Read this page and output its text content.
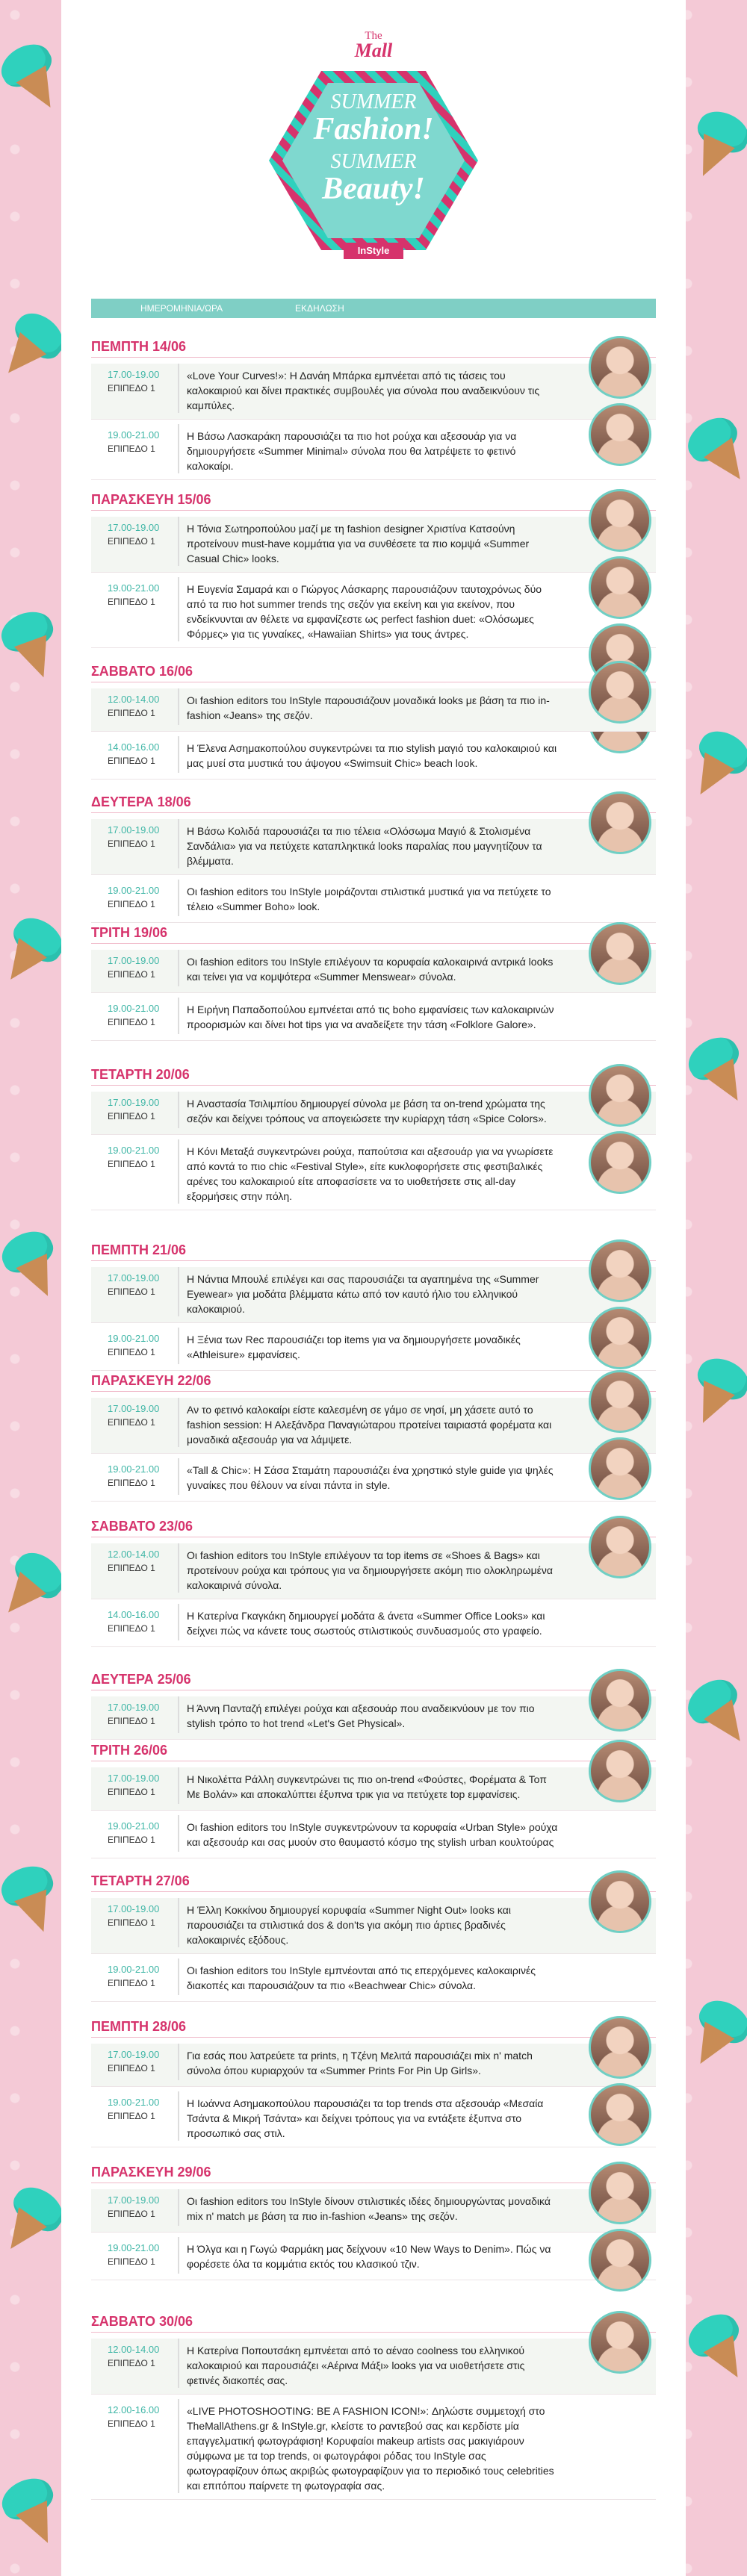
The
Mall
SUMMER
Fashion!
SUMMER
Beauty!
InStyle
ΗΜΕΡΟΜΗΝΙΑ/ΩΡΑ	ΕΚΔΗΛΩΣΗ
ΠΕΜΠΤΗ 14/06
17.00-19.00
ΕΠΙΠΕΔΟ 1
«Love Your Curves!»: Η Δανάη Μπάρκα εμπνέεται από τις τάσεις του καλοκαιριού και δίνει πρακτικές συμβουλές για σύνολα που αναδεικνύουν τις καμπύλες.
19.00-21.00
ΕΠΙΠΕΔΟ 1
Η Βάσω Λασκαράκη παρουσιάζει τα πιο hot ρούχα και αξεσουάρ για να δημιουργήσετε «Summer Minimal» σύνολα που θα λατρέψετε το φετινό καλοκαίρι.
ΠΑΡΑΣΚΕΥΗ 15/06
17.00-19.00
ΕΠΙΠΕΔΟ 1
Η Τόνια Σωτηροπούλου μαζί με τη fashion designer Χριστίνα Κατσούνη προτείνουν must-have κομμάτια για να συνθέσετε τα πιο κομψά «Summer Casual Chic» looks.
19.00-21.00
ΕΠΙΠΕΔΟ 1
Η Ευγενία Σαμαρά και ο Γιώργος Λάσκαρης παρουσιάζουν ταυτοχρόνως δύο από τα πιο hot summer trends της σεζόν για εκείνη και για εκείνον, που ενδείκνυνται αν θέλετε να εμφανίζεστε ως perfect fashion duet: «Ολόσωμες Φόρμες» για τις γυναίκες, «Hawaiian Shirts» για τους άντρες.
ΣΑΒΒΑΤΟ 16/06
12.00-14.00
ΕΠΙΠΕΔΟ 1
Οι fashion editors του InStyle παρουσιάζουν μοναδικά looks με βάση τα πιο in-fashion «Jeans» της σεζόν.
14.00-16.00
ΕΠΙΠΕΔΟ 1
Η Έλενα Ασημακοπούλου συγκεντρώνει τα πιο stylish μαγιό του καλοκαιριού και μας μυεί στα μυστικά του άψογου «Swimsuit Chic» beach look.
ΔΕΥΤΕΡΑ 18/06
17.00-19.00
ΕΠΙΠΕΔΟ 1
Η Βάσω Κολιδά παρουσιάζει τα πιο τέλεια «Ολόσωμα Μαγιό & Στολισμένα Σανδάλια» για να πετύχετε καταπληκτικά looks παραλίας που μαγνητίζουν τα βλέμματα.
19.00-21.00
ΕΠΙΠΕΔΟ 1
Οι fashion editors του InStyle μοιράζονται στιλιστικά μυστικά για να πετύχετε το τέλειο «Summer Boho» look.
ΤΡΙΤΗ 19/06
17.00-19.00
ΕΠΙΠΕΔΟ 1
Οι fashion editors του InStyle επιλέγουν τα κορυφαία καλοκαιρινά αντρικά looks και τείνει για να κομψότερα «Summer Menswear» σύνολα.
19.00-21.00
ΕΠΙΠΕΔΟ 1
Η Ειρήνη Παπαδοπούλου εμπνέεται από τις boho εμφανίσεις των καλοκαιρινών προορισμών και δίνει hot tips για να αναδείξετε την τάση «Folklore Galore».
ΤΕΤΑΡΤΗ 20/06
17.00-19.00
ΕΠΙΠΕΔΟ 1
Η Αναστασία Τσιλιμπίου δημιουργεί σύνολα με βάση τα on-trend χρώματα της σεζόν και δείχνει τρόπους να απογειώσετε την κυρίαρχη τάση «Spice Colors».
19.00-21.00
ΕΠΙΠΕΔΟ 1
Η Κόνι Μεταξά συγκεντρώνει ρούχα, παπούτσια και αξεσουάρ για να γνωρίσετε από κοντά το πιο chic «Festival Style», είτε κυκλοφορήσετε στις φεστιβαλικές αρένες του καλοκαιριού είτε αποφασίσετε να το υιοθετήσετε στις all-day εξορμήσεις στην πόλη.
ΠΕΜΠΤΗ 21/06
17.00-19.00
ΕΠΙΠΕΔΟ 1
Η Νάντια Μπουλέ επιλέγει και σας παρουσιάζει τα αγαπημένα της «Summer Eyewear» για μοδάτα βλέμματα κάτω από τον καυτό ήλιο του ελληνικού καλοκαιριού.
19.00-21.00
ΕΠΙΠΕΔΟ 1
Η Ξένια των Rec παρουσιάζει top items για να δημιουργήσετε μοναδικές «Athleisure» εμφανίσεις.
ΠΑΡΑΣΚΕΥΗ 22/06
17.00-19.00
ΕΠΙΠΕΔΟ 1
Αν το φετινό καλοκαίρι είστε καλεσμένη σε γάμο σε νησί, μη χάσετε αυτό το fashion session: Η Αλεξάνδρα Παναγιώταρου προτείνει ταιριαστά φορέματα και μοναδικά αξεσουάρ για να λάμψετε.
19.00-21.00
ΕΠΙΠΕΔΟ 1
«Tall & Chic»: Η Σάσα Σταμάτη παρουσιάζει ένα χρηστικό style guide για ψηλές γυναίκες που θέλουν να είναι πάντα in style.
ΣΑΒΒΑΤΟ 23/06
12.00-14.00
ΕΠΙΠΕΔΟ 1
Οι fashion editors του InStyle επιλέγουν τα top items σε «Shoes & Bags» και προτείνουν ρούχα και τρόπους για να δημιουργήσετε ακόμη πιο ολοκληρωμένα καλοκαιρινά σύνολα.
14.00-16.00
ΕΠΙΠΕΔΟ 1
Η Κατερίνα Γκαγκάκη δημιουργεί μοδάτα & άνετα «Summer Office Looks» και δείχνει πώς να κάνετε τους σωστούς στιλιστικούς συνδυασμούς στο γραφείο.
ΔΕΥΤΕΡΑ 25/06
17.00-19.00
ΕΠΙΠΕΔΟ 1
Η Άννη Πανταζή επιλέγει ρούχα και αξεσουάρ που αναδεικνύουν με τον πιο stylish τρόπο το hot trend «Let's Get Physical».
ΤΡΙΤΗ 26/06
17.00-19.00
ΕΠΙΠΕΔΟ 1
Η Νικολέττα Ράλλη συγκεντρώνει τις πιο on-trend «Φούστες, Φορέματα & Τοπ Με Βολάν» και αποκαλύπτει έξυπνα τρικ για να πετύχετε top εμφανίσεις.
19.00-21.00
ΕΠΙΠΕΔΟ 1
Οι fashion editors του InStyle συγκεντρώνουν τα κορυφαία «Urban Style» ρούχα και αξεσουάρ και σας μυούν στο θαυμαστό κόσμο της stylish urban κουλτούρας
ΤΕΤΑΡΤΗ 27/06
17.00-19.00
ΕΠΙΠΕΔΟ 1
Η Έλλη Κοκκίνου δημιουργεί κορυφαία «Summer Night Out» looks και παρουσιάζει τα στιλιστικά dos & don'ts για ακόμη πιο άρτιες βραδινές καλοκαιρινές εξόδους.
19.00-21.00
ΕΠΙΠΕΔΟ 1
Οι fashion editors του InStyle εμπνέονται από τις επερχόμενες καλοκαιρινές διακοπές και παρουσιάζουν τα πιο «Beachwear Chic» σύνολα.
ΠΕΜΠΤΗ 28/06
17.00-19.00
ΕΠΙΠΕΔΟ 1
Για εσάς που λατρεύετε τα prints, η Τζένη Μελιτά παρουσιάζει mix n' match σύνολα όπου κυριαρχούν τα «Summer Prints For Pin Up Girls».
19.00-21.00
ΕΠΙΠΕΔΟ 1
Η Ιωάννα Ασημακοπούλου παρουσιάζει τα top trends στα αξεσουάρ «Μεσαία Τσάντα & Μικρή Τσάντα» και δείχνει τρόπους για να εντάξετε έξυπνα στο προσωπικό σας στιλ.
ΠΑΡΑΣΚΕΥΗ 29/06
17.00-19.00
ΕΠΙΠΕΔΟ 1
Οι fashion editors του InStyle δίνουν στιλιστικές ιδέες δημιουργώντας μοναδικά mix n' match με βάση τα πιο in-fashion «Jeans» της σεζόν.
19.00-21.00
ΕΠΙΠΕΔΟ 1
Η Όλγα και η Γωγώ Φαρμάκη μας δείχνουν «10 New Ways to Denim». Πώς να φορέσετε όλα τα κομμάτια εκτός του κλασικού τζιν.
ΣΑΒΒΑΤΟ 30/06
12.00-14.00
ΕΠΙΠΕΔΟ 1
Η Κατερίνα Ποπουτσάκη εμπνέεται από το αέναο coolness του ελληνικού καλοκαιριού και παρουσιάζει «Αέρινα Μάξι» looks για να υιοθετήσετε στις φετινές διακοπές σας.
12.00-16.00
ΕΠΙΠΕΔΟ 1
«LIVE PHOTOSHOOTING: BE A FASHION ICON!»: Δηλώστε συμμετοχή στο TheMallAthens.gr & InStyle.gr, κλείστε το ραντεβού σας και κερδίστε μία επαγγελματική φωτογράφιση! Κορυφαίοι makeup artists σας μακιγιάρουν σύμφωνα με τα top trends, οι φωτογράφοι ρόδας του InStyle σας φωτογραφίζουν όπως ακριβώς φωτογραφίζουν για το περιοδικό τους celebrities και επιτόπου παίρνετε τη φωτογραφία σας.
